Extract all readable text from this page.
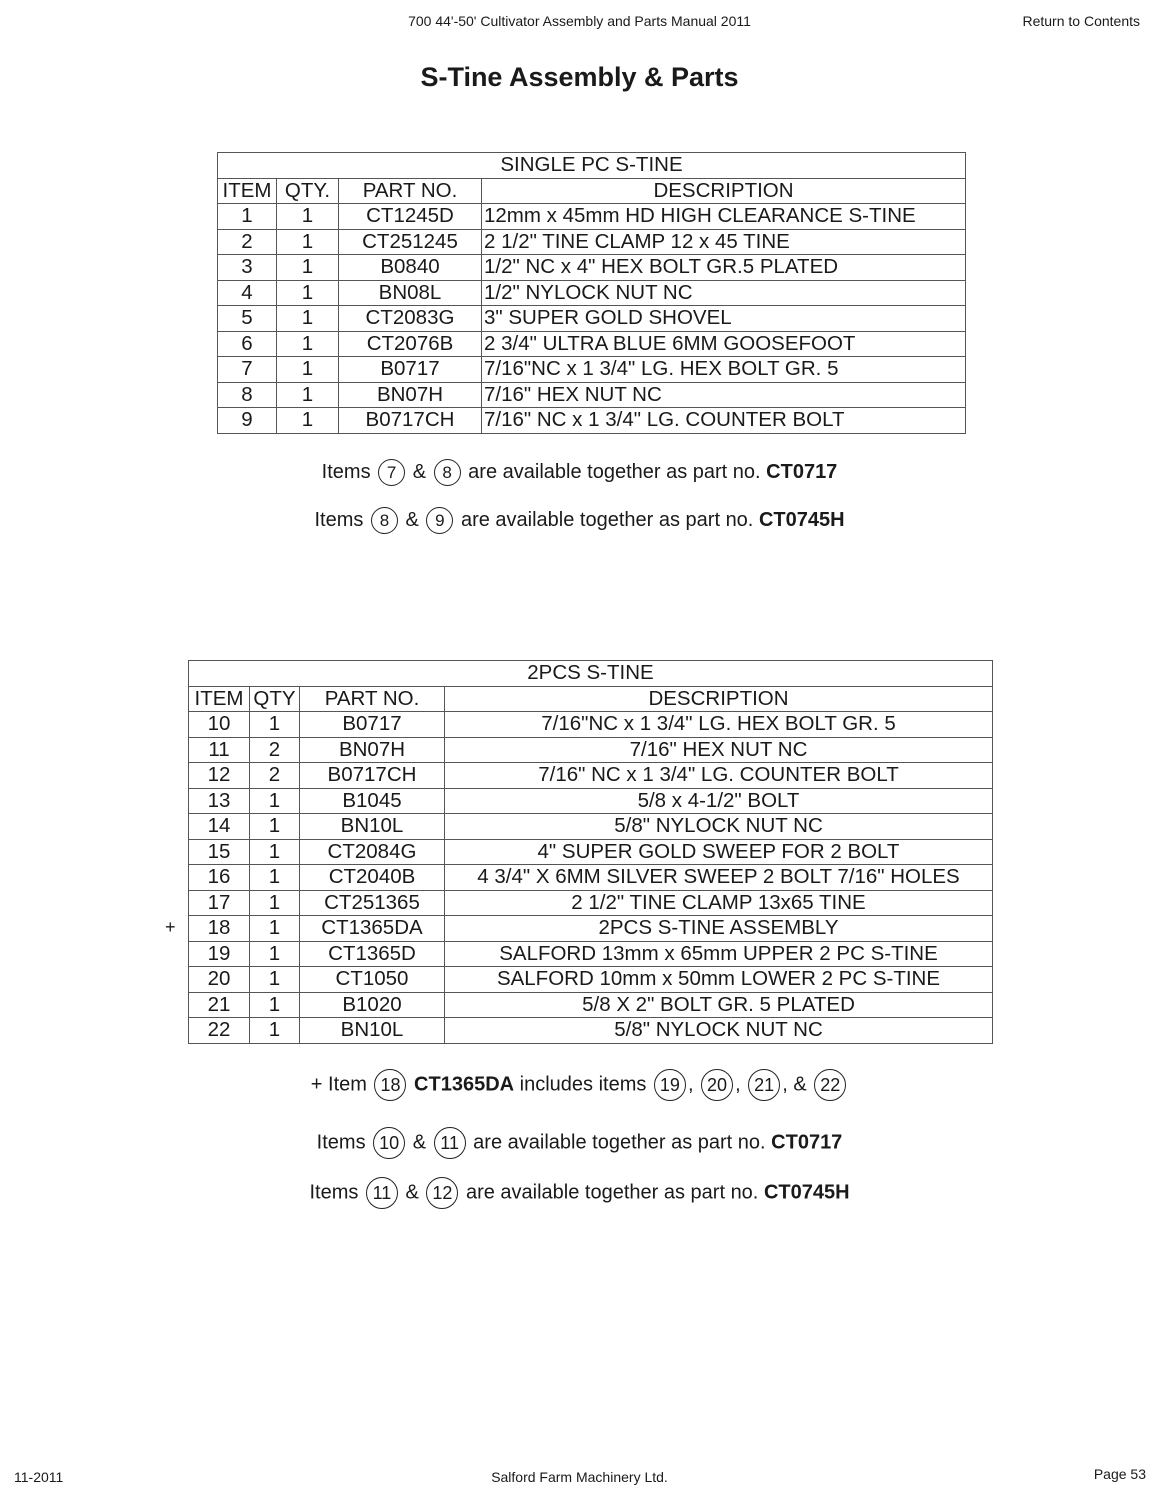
700 44'-50' Cultivator Assembly and Parts Manual 2011	Return to Contents
S-Tine Assembly & Parts
SINGLE PC S-TINE			
ITEM	QTY.	PART NO.	DESCRIPTION
1	1	CT1245D	12mm x 45mm HD HIGH CLEARANCE S-TINE
2	1	CT251245	2 1/2" TINE CLAMP 12 x 45 TINE
3	1	B0840	1/2" NC x 4" HEX BOLT GR.5 PLATED
4	1	BN08L	1/2" NYLOCK NUT NC
5	1	CT2083G	3" SUPER GOLD SHOVEL
6	1	CT2076B	2 3/4" ULTRA BLUE 6MM GOOSEFOOT
7	1	B0717	7/16"NC x 1 3/4" LG. HEX BOLT GR. 5
8	1	BN07H	7/16" HEX NUT NC
9	1	B0717CH	7/16" NC x 1 3/4" LG. COUNTER BOLT
Items 7 & 8 are available together as part no. CT0717
Items 8 & 9 are available together as part no. CT0745H
2PCS S-TINE			
ITEM	QTY	PART NO.	DESCRIPTION
10	1	B0717	7/16"NC x 1 3/4" LG. HEX BOLT GR. 5
11	2	BN07H	7/16" HEX NUT NC
12	2	B0717CH	7/16" NC x 1 3/4" LG. COUNTER BOLT
13	1	B1045	5/8 x 4-1/2" BOLT
14	1	BN10L	5/8" NYLOCK NUT NC
15	1	CT2084G	4" SUPER GOLD SWEEP FOR 2 BOLT
16	1	CT2040B	4 3/4" X 6MM SILVER SWEEP 2 BOLT 7/16" HOLES
17	1	CT251365	2 1/2" TINE CLAMP 13x65 TINE
18	1	CT1365DA	2PCS S-TINE ASSEMBLY
19	1	CT1365D	SALFORD 13mm x 65mm UPPER 2 PC S-TINE
20	1	CT1050	SALFORD 10mm x 50mm LOWER 2 PC S-TINE
21	1	B1020	5/8 X 2" BOLT GR. 5 PLATED
22	1	BN10L	5/8" NYLOCK NUT NC
+
+ Item 18 CT1365DA includes items 19 , 20 , 21 , & 22
Items 10 & 11 are available together as part no. CT0717
Items 11 & 12 are available together as part no. CT0745H
11-2011	Salford Farm Machinery Ltd.	Page 53
